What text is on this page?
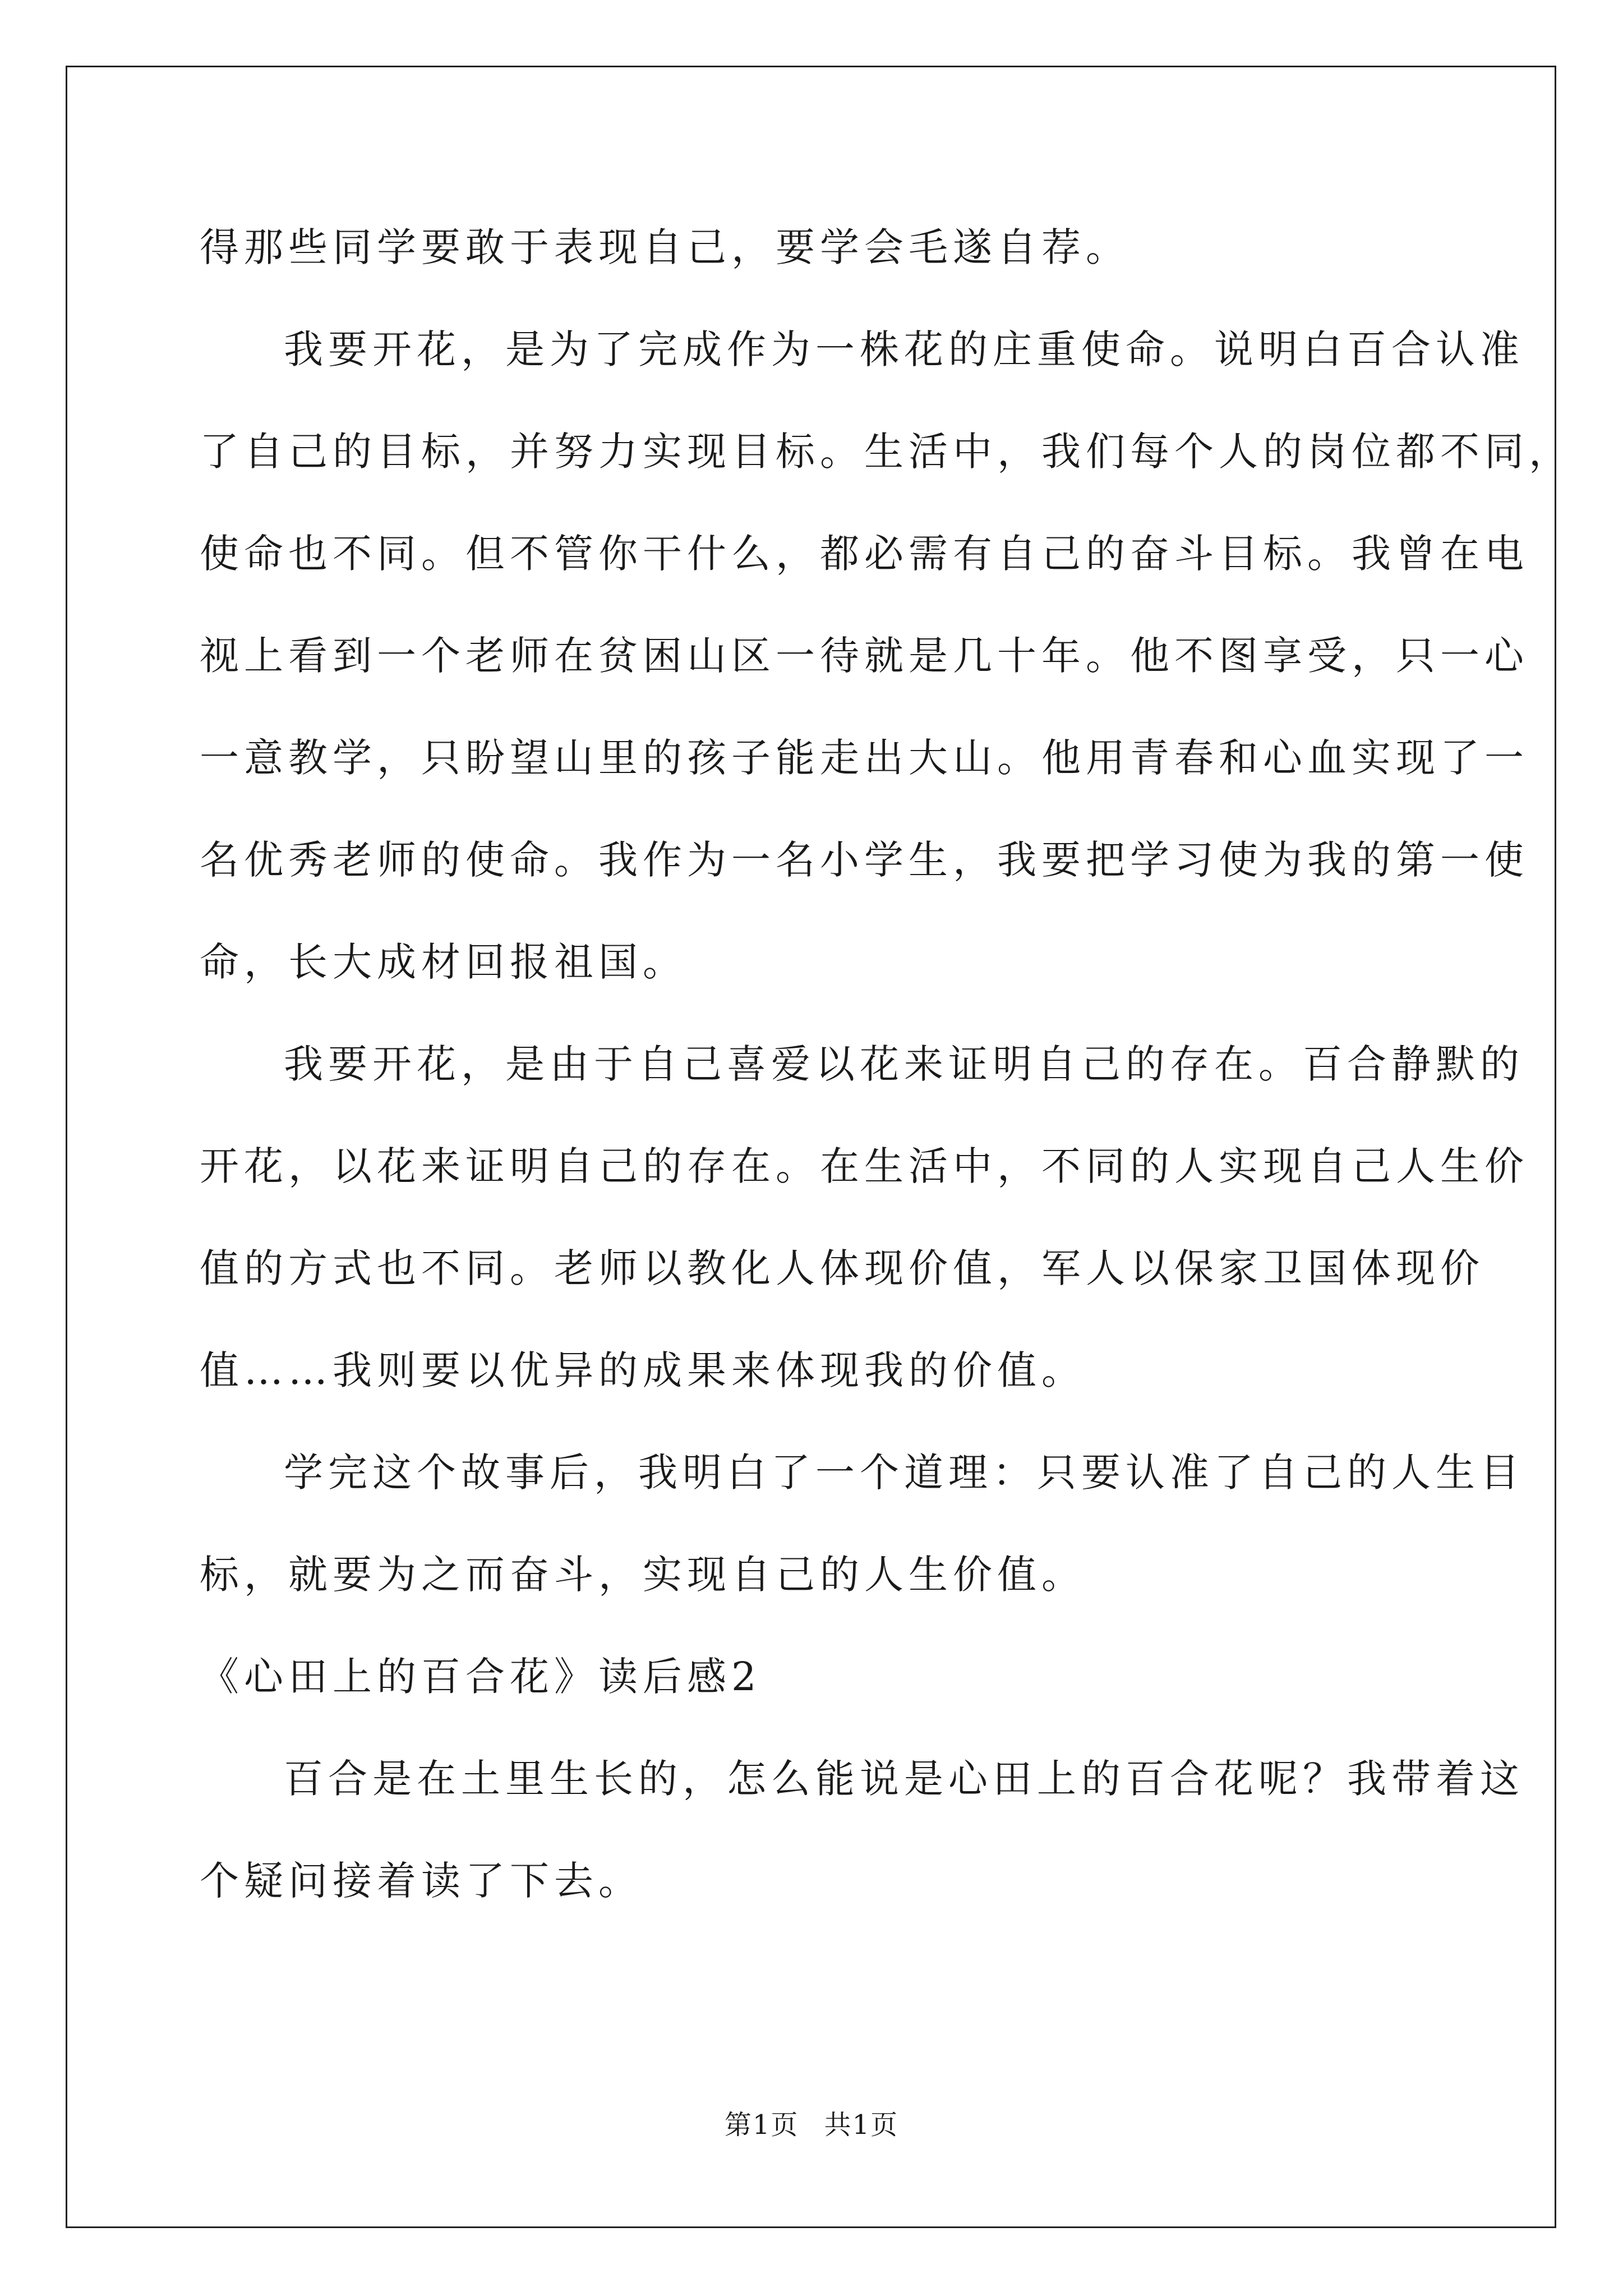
得那些同学要敢于表现自己，要学会毛遂自荐。
我要开花，是为了完成作为一株花的庄重使命。说明白百合认准
了自己的目标，并努力实现目标。生活中，我们每个人的岗位都不同，
使命也不同。但不管你干什么，都必需有自己的奋斗目标。我曾在电
视上看到一个老师在贫困山区一待就是几十年。他不图享受，只一心
一意教学，只盼望山里的孩子能走出大山。他用青春和心血实现了一
名优秀老师的使命。我作为一名小学生，我要把学习使为我的第一使
命，长大成材回报祖国。
我要开花，是由于自己喜爱以花来证明自己的存在。百合静默的
开花，以花来证明自己的存在。在生活中，不同的人实现自己人生价
值的方式也不同。老师以教化人体现价值，军人以保家卫国体现价
值……我则要以优异的成果来体现我的价值。
学完这个故事后，我明白了一个道理：只要认准了自己的人生目
标，就要为之而奋斗，实现自己的人生价值。
《心田上的百合花》读后感2
百合是在土里生长的，怎么能说是心田上的百合花呢？我带着这
个疑问接着读了下去。
第1页 共1页
